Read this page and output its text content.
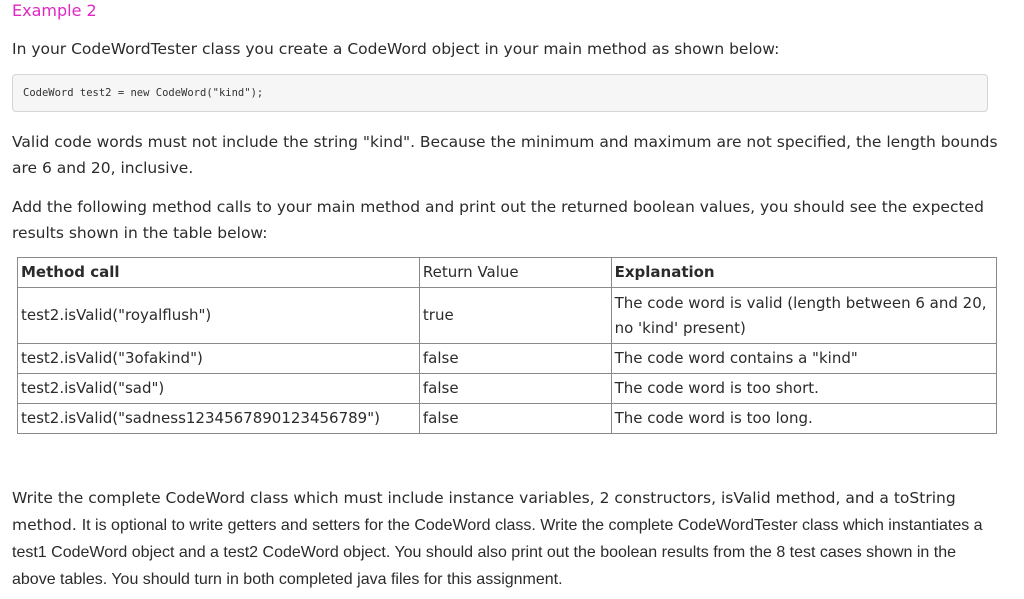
Example 2
In your CodeWordTester class you create a CodeWord object in your main method as shown below:
CodeWord test2 = new CodeWord("kind");
Valid code words must not include the string "kind". Because the minimum and maximum are not specified, the length bounds are 6 and 20, inclusive.
Add the following method calls to your main method and print out the returned boolean values, you should see the expected results shown in the table below:
Method call	Return Value	Explanation
test2.isValid("royalflush")	true	The code word is valid (length between 6 and 20, no 'kind' present)
test2.isValid("3ofakind")	false	The code word contains a "kind"
test2.isValid("sad")	false	The code word is too short.
test2.isValid("sadness1234567890123456789")	false	The code word is too long.
Write the complete CodeWord class which must include instance variables, 2 constructors, isValid method, and a toString method. It is optional to write getters and setters for the CodeWord class. Write the complete CodeWordTester class which instantiates a test1 CodeWord object and a test2 CodeWord object. You should also print out the boolean results from the 8 test cases shown in the above tables. You should turn in both completed java files for this assignment.
